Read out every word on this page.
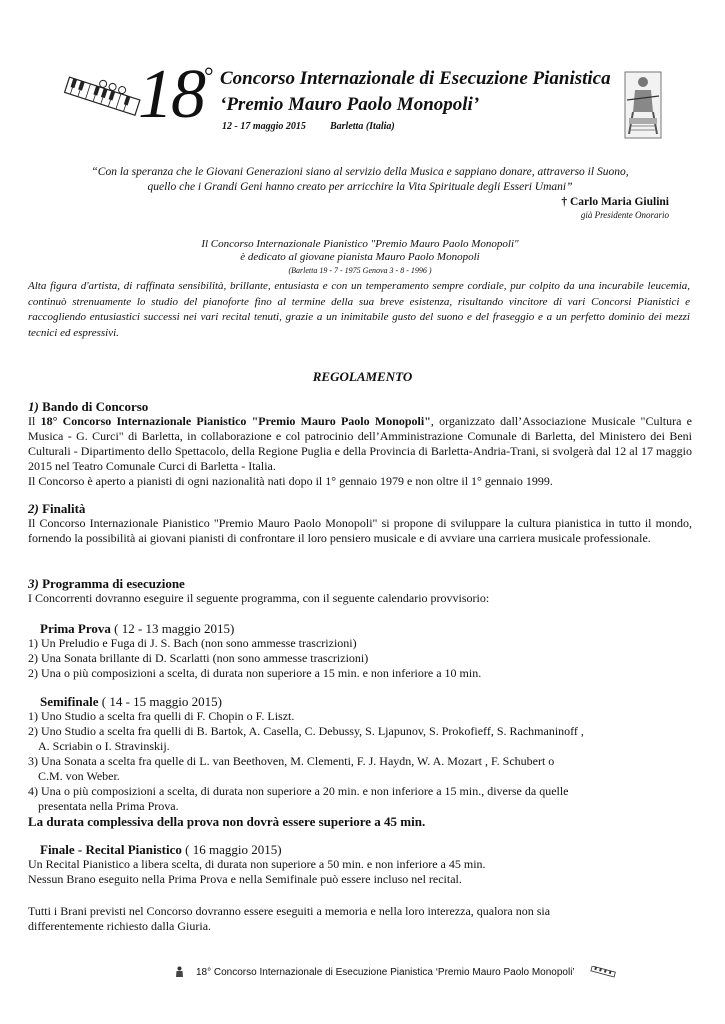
18 ° Concorso Internazionale di Esecuzione Pianistica
‘Premio Mauro Paolo Monopoli’
12 - 17 maggio 2015 Barletta (Italia)
“Con la speranza che le Giovani Generazioni siano al servizio della Musica e sappiano donare, attraverso il Suono,
quello che i Grandi Geni hanno creato per arricchire la Vita Spirituale degli Esseri Umani”
† Carlo Maria Giulini
già Presidente Onorario
Il Concorso Internazionale Pianistico "Premio Mauro Paolo Monopoli"
è dedicato al giovane pianista Mauro Paolo Monopoli
(Barletta 19 - 7 - 1975 Genova 3 - 8 - 1996 )
Alta figura d'artista, di raffinata sensibilità, brillante, entusiasta e con un temperamento sempre cordiale, pur colpito da una incurabile leucemia, continuò strenuamente lo studio del pianoforte fino al termine della sua breve esistenza, risultando vincitore di vari Concorsi Pianistici e raccogliendo entusiastici successi nei vari recital tenuti, grazie a un inimitabile gusto del suono e del fraseggio e a un perfetto dominio dei mezzi tecnici ed espressivi.
REGOLAMENTO
1) Bando di Concorso
Il 18° Concorso Internazionale Pianistico "Premio Mauro Paolo Monopoli", organizzato dall’Associazione Musicale "Cultura e Musica - G. Curci" di Barletta, in collaborazione e col patrocinio dell’Amministrazione Comunale di Barletta, del Ministero dei Beni Culturali - Dipartimento dello Spettacolo, della Regione Puglia e della Provincia di Barletta-Andria-Trani, si svolgerà dal 12 al 17 maggio 2015 nel Teatro Comunale Curci di Barletta - Italia.
Il Concorso è aperto a pianisti di ogni nazionalità nati dopo il 1° gennaio 1979 e non oltre il 1° gennaio 1999.
2) Finalità
Il Concorso Internazionale Pianistico "Premio Mauro Paolo Monopoli" si propone di sviluppare la cultura pianistica in tutto il mondo, fornendo la possibilità ai giovani pianisti di confrontare il loro pensiero musicale e di avviare una carriera musicale professionale.
3) Programma di esecuzione
I Concorrenti dovranno eseguire il seguente programma, con il seguente calendario provvisorio:
Prima Prova ( 12 - 13 maggio 2015)
1) Un Preludio e Fuga di J. S. Bach (non sono ammesse trascrizioni)
2) Una Sonata brillante di D. Scarlatti (non sono ammesse trascrizioni)
2) Una o più composizioni a scelta, di durata non superiore a 15 min. e non inferiore a 10 min.
Semifinale ( 14 - 15 maggio 2015)
1) Uno Studio a scelta fra quelli di F. Chopin o F. Liszt.
2) Uno Studio a scelta fra quelli di B. Bartok, A. Casella, C. Debussy, S. Ljapunov, S. Prokofieff, S. Rachmaninoff ,
A. Scriabin o I. Stravinskij.
3) Una Sonata a scelta fra quelle di L. van Beethoven, M. Clementi, F. J. Haydn, W. A. Mozart , F. Schubert o
C.M. von Weber.
4) Una o più composizioni a scelta, di durata non superiore a 20 min. e non inferiore a 15 min., diverse da quelle
presentata nella Prima Prova.
La durata complessiva della prova non dovrà essere superiore a 45 min.
Finale - Recital Pianistico ( 16 maggio 2015)
Un Recital Pianistico a libera scelta, di durata non superiore a 50 min. e non inferiore a 45 min.
Nessun Brano eseguito nella Prima Prova e nella Semifinale può essere incluso nel recital.
Tutti i Brani previsti nel Concorso dovranno essere eseguiti a memoria e nella loro interezza, qualora non sia
differentemente richiesto dalla Giuria.
18° Concorso Internazionale di Esecuzione Pianistica ‘Premio Mauro Paolo Monopoli’
